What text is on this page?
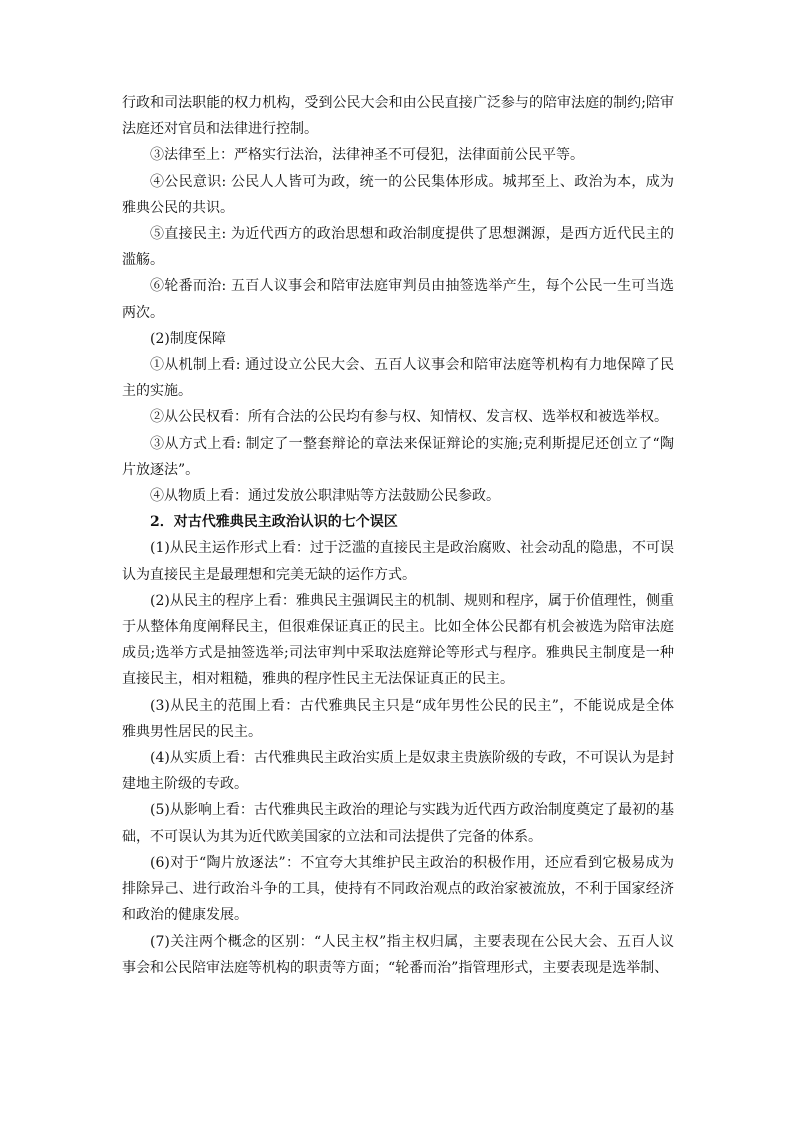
行政和司法职能的权力机构，受到公民大会和由公民直接广泛参与的陪审法庭的制约;陪审法庭还对官员和法律进行控制。

③法律至上：严格实行法治，法律神圣不可侵犯，法律面前公民平等。

④公民意识: 公民人人皆可为政，统一的公民集体形成。城邦至上、政治为本，成为雅典公民的共识。

⑤直接民主: 为近代西方的政治思想和政治制度提供了思想渊源，是西方近代民主的滥觞。

⑥轮番而治: 五百人议事会和陪审法庭审判员由抽签选举产生，每个公民一生可当选两次。

(2)制度保障

①从机制上看: 通过设立公民大会、五百人议事会和陪审法庭等机构有力地保障了民主的实施。

②从公民权看：所有合法的公民均有参与权、知情权、发言权、选举权和被选举权。

③从方式上看: 制定了一整套辩论的章法来保证辩论的实施;克利斯提尼还创立了“陶片放逐法”。

④从物质上看：通过发放公职津贴等方法鼓励公民参政。

2．对古代雅典民主政治认识的七个误区

(1)从民主运作形式上看：过于泛滥的直接民主是政治腐败、社会动乱的隐患，不可误认为直接民主是最理想和完美无缺的运作方式。

(2)从民主的程序上看：雅典民主强调民主的机制、规则和程序，属于价值理性，侧重于从整体角度阐释民主，但很难保证真正的民主。比如全体公民都有机会被选为陪审法庭成员;选举方式是抽签选举;司法审判中采取法庭辩论等形式与程序。雅典民主制度是一种直接民主，相对粗糙，雅典的程序性民主无法保证真正的民主。

(3)从民主的范围上看：古代雅典民主只是“成年男性公民的民主”，不能说成是全体雅典男性居民的民主。

(4)从实质上看：古代雅典民主政治实质上是奴隶主贵族阶级的专政，不可误认为是封建地主阶级的专政。

(5)从影响上看：古代雅典民主政治的理论与实践为近代西方政治制度奠定了最初的基础，不可误认为其为近代欧美国家的立法和司法提供了完备的体系。

(6)对于“陶片放逐法”：不宜夸大其维护民主政治的积极作用，还应看到它极易成为排除异己、进行政治斗争的工具，使持有不同政治观点的政治家被流放，不利于国家经济和政治的健康发展。

(7)关注两个概念的区别：“人民主权”指主权归属，主要表现在公民大会、五百人议事会和公民陪审法庭等机构的职责等方面；“轮番而治”指管理形式，主要表现是选举制、
